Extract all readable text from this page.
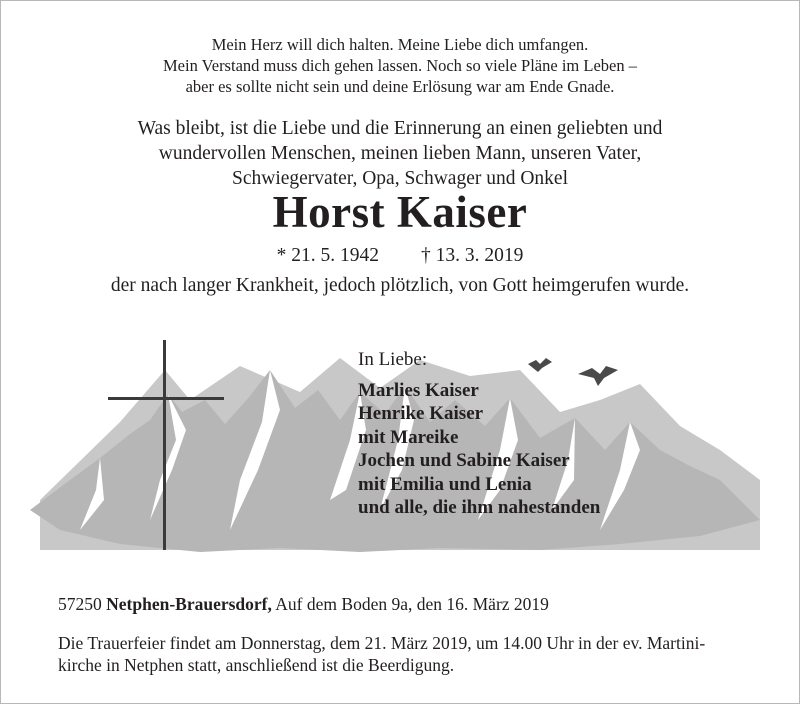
Mein Herz will dich halten. Meine Liebe dich umfangen.
Mein Verstand muss dich gehen lassen. Noch so viele Pläne im Leben –
aber es sollte nicht sein und deine Erlösung war am Ende Gnade.
Was bleibt, ist die Liebe und die Erinnerung an einen geliebten und
wundervollen Menschen, meinen lieben Mann, unseren Vater,
Schwiegervater, Opa, Schwager und Onkel
Horst Kaiser
* 21. 5. 1942 † 13. 3. 2019
der nach langer Krankheit, jedoch plötzlich, von Gott heimgerufen wurde.
In Liebe:
Marlies Kaiser
Henrike Kaiser
mit Mareike
Jochen und Sabine Kaiser
mit Emilia und Lenia
und alle, die ihm nahestanden
57250 Netphen-Brauersdorf, Auf dem Boden 9a, den 16. März 2019
Die Trauerfeier findet am Donnerstag, dem 21. März 2019, um 14.00 Uhr in der ev. Martini-
kirche in Netphen statt, anschließend ist die Beerdigung.
